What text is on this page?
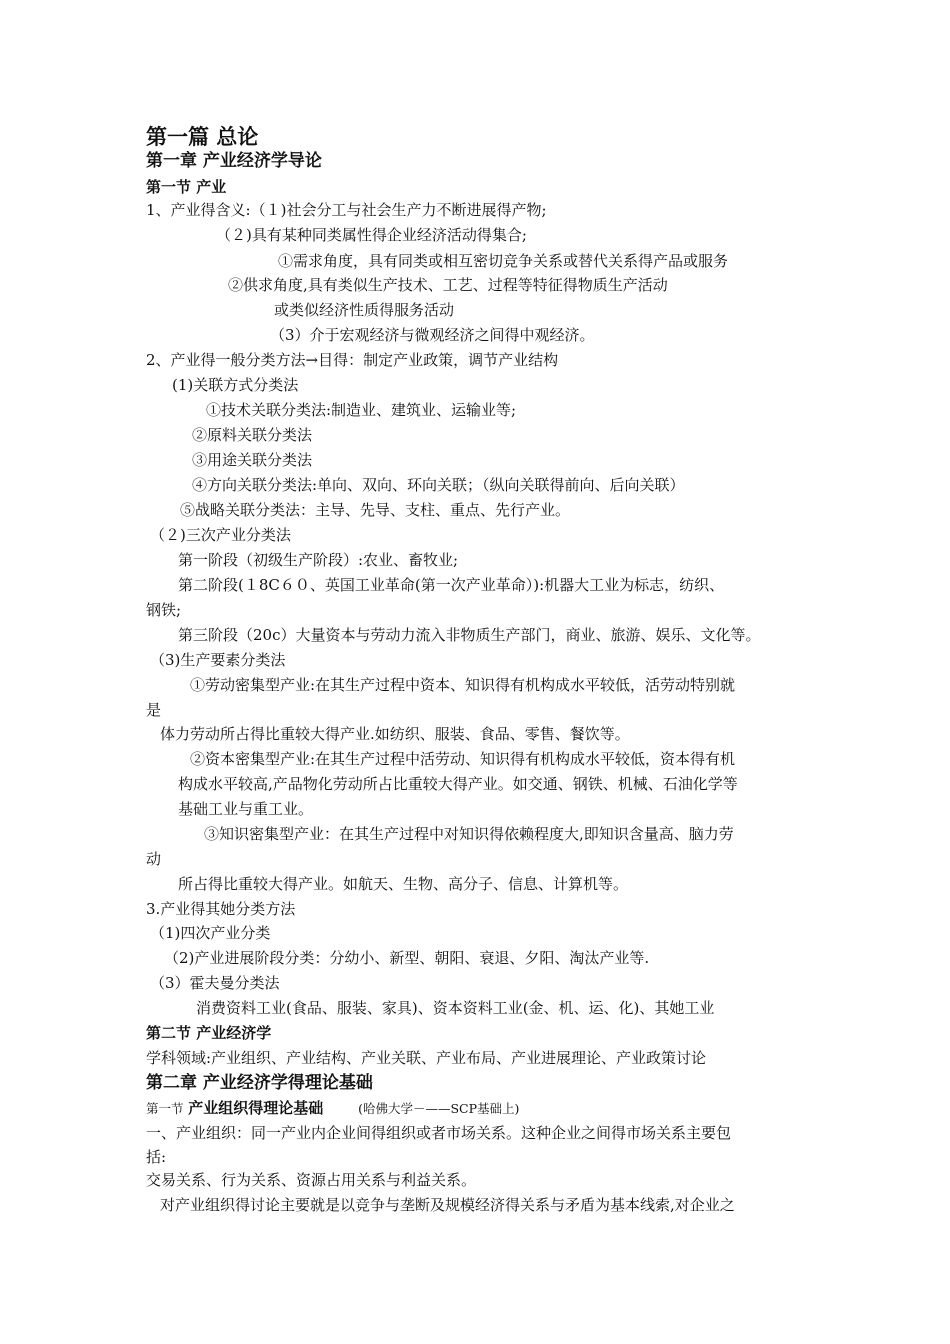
第一篇 总论
第一章 产业经济学导论
第一节 产业
1、产业得含义:（１)社会分工与社会生产力不断进展得产物;
（２)具有某种同类属性得企业经济活动得集合;
①需求角度，具有同类或相互密切竞争关系或替代关系得产品或服务
②供求角度,具有类似生产技术、工艺、过程等特征得物质生产活动
或类似经济性质得服务活动
（3）介于宏观经济与微观经济之间得中观经济。
2、产业得一般分类方法→目得：制定产业政策，调节产业结构
(1)关联方式分类法
①技术关联分类法:制造业、建筑业、运输业等;
②原料关联分类法
③用途关联分类法
④方向关联分类法:单向、双向、环向关联；（纵向关联得前向、后向关联）
⑤战略关联分类法：主导、先导、支柱、重点、先行产业。
（２)三次产业分类法
第一阶段（初级生产阶段）:农业、畜牧业;
第二阶段(１8C６０、英国工业革命(第一次产业革命）):机器大工业为标志，纺织、
钢铁;
第三阶段（20c）大量资本与劳动力流入非物质生产部门，商业、旅游、娱乐、文化等。
（3)生产要素分类法
①劳动密集型产业:在其生产过程中资本、知识得有机构成水平较低，活劳动特别就
是
体力劳动所占得比重较大得产业.如纺织、服装、食品、零售、餐饮等。
②资本密集型产业:在其生产过程中活劳动、知识得有机构成水平较低，资本得有机
构成水平较高,产品物化劳动所占比重较大得产业。如交通、钢铁、机械、石油化学等
基础工业与重工业。
③知识密集型产业：在其生产过程中对知识得依赖程度大,即知识含量高、脑力劳
动
所占得比重较大得产业。如航天、生物、高分子、信息、计算机等。
3.产业得其她分类方法
（1)四次产业分类
（2)产业进展阶段分类：分幼小、新型、朝阳、衰退、夕阳、淘汰产业等.
（3）霍夫曼分类法
消费资料工业(食品、服装、家具)、资本资料工业(金、机、运、化)、其她工业
第二节 产业经济学
学科领域:产业组织、产业结构、产业关联、产业布局、产业进展理论、产业政策讨论
第二章 产业经济学得理论基础
第一节 产业组织得理论基础	(哈佛大学－——SCP基础上)
一、产业组织：同一产业内企业间得组织或者市场关系。这种企业之间得市场关系主要包
括:
交易关系、行为关系、资源占用关系与利益关系。
对产业组织得讨论主要就是以竞争与垄断及规模经济得关系与矛盾为基本线索,对企业之
